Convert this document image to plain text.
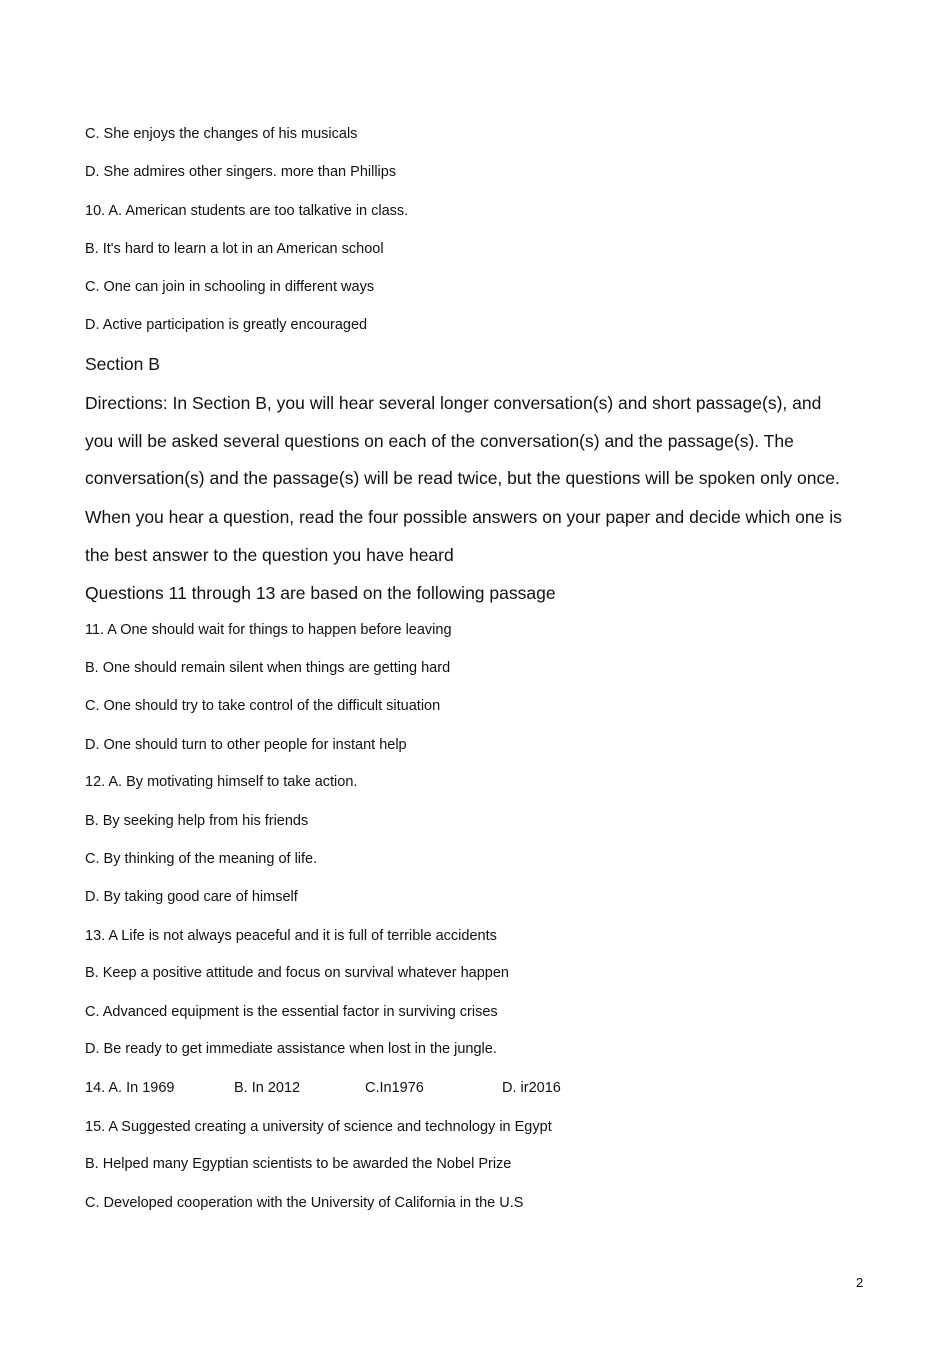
C. She enjoys the changes of his musicals
D. She admires other singers. more than Phillips
10. A. American students are too talkative in class.
B. It's hard to learn a lot in an American school
C. One can join in schooling in different ways
D. Active participation is greatly encouraged
Section B
Directions: In Section B, you will hear several longer conversation(s) and short passage(s), and
you will be asked several questions on each of the conversation(s) and the passage(s). The
conversation(s) and the passage(s) will be read twice, but the questions will be spoken only once.
When you hear a question, read the four possible answers on your paper and decide which one is
the best answer to the question you have heard
Questions 11 through 13 are based on the following passage
11. A One should wait for things to happen before leaving
B. One should remain silent when things are getting hard
C. One should try to take control of the difficult situation
D. One should turn to other people for instant help
12. A. By motivating himself to take action.
B. By seeking help from his friends
C. By thinking of the meaning of life.
D. By taking good care of himself
13. A Life is not always peaceful and it is full of terrible accidents
B. Keep a positive attitude and focus on survival whatever happen
C. Advanced equipment is the essential factor in surviving crises
D. Be ready to get immediate assistance when lost in the jungle.
14. A. In 1969	B. In 2012	C.In1976	D. ir2016
15. A Suggested creating a university of science and technology in Egypt
B. Helped many Egyptian scientists to be awarded the Nobel Prize
C. Developed cooperation with the University of California in the U.S
2
